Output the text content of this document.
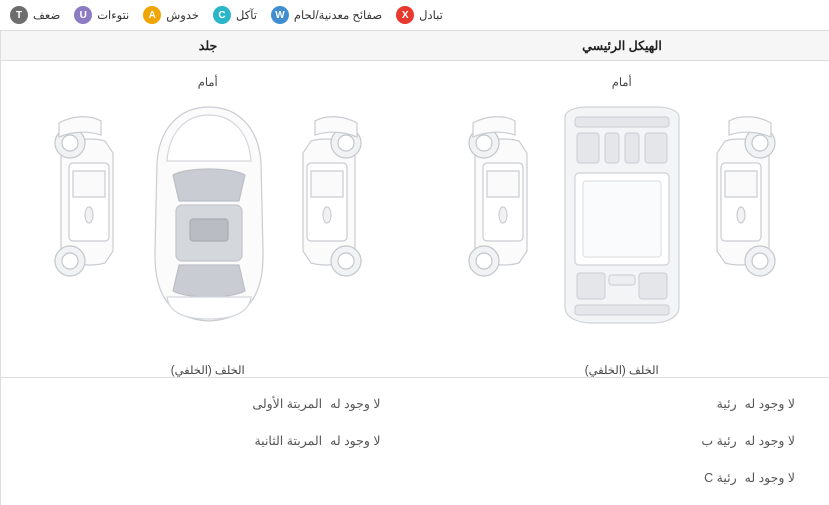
تبادل
X
صفائح معدنية/لحام
W
تآكل
C
خدوش
A
نتوءات
U
ضعف
T
الهيكل الرئيسي
جلد
أمام
الخلف (الخلفي)
أمام
الخلف (الخلفي)
لا وجود له
رئية
لا وجود له
رئية ب
لا وجود له
رئية C
لا وجود له
المربتة الأولى
لا وجود له
المربتة الثانية
